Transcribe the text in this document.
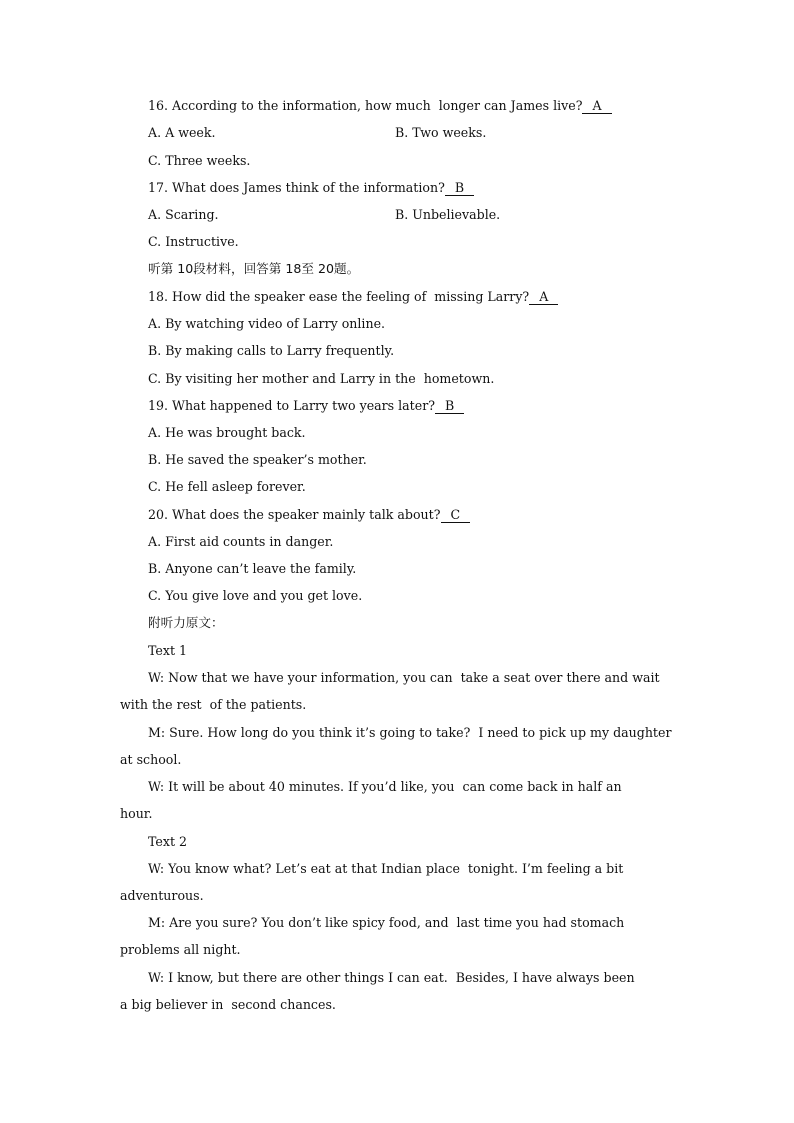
16. According to the information, how much  longer can James live? A
A. A week.	B. Two weeks.
C. Three weeks.
17. What does James think of the information? B
A. Scaring.	B. Unbelievable.
C. Instructive.
听第 10段材料，回答第 18至 20题。
18. How did the speaker ease the feeling of  missing Larry? A
A. By watching video of Larry online.
B. By making calls to Larry frequently.
C. By visiting her mother and Larry in the  hometown.
19. What happened to Larry two years later? B
A. He was brought back.
B. He saved the speaker’s mother.
C. He fell asleep forever.
20. What does the speaker mainly talk about? C
A. First aid counts in danger.
B. Anyone can’t leave the family.
C. You give love and you get love.
附听力原文：
Text 1
W: Now that we have your information, you can  take a seat over there and wait
with the rest  of the patients.
M: Sure. How long do you think it’s going to take?  I need to pick up my daughter
at school.
W: It will be about 40 minutes. If you’d like, you  can come back in half an
hour.
Text 2
W: You know what? Let’s eat at that Indian place  tonight. I’m feeling a bit
adventurous.
M: Are you sure? You don’t like spicy food, and  last time you had stomach
problems all night.
W: I know, but there are other things I can eat.  Besides, I have always been
a big believer in  second chances.
